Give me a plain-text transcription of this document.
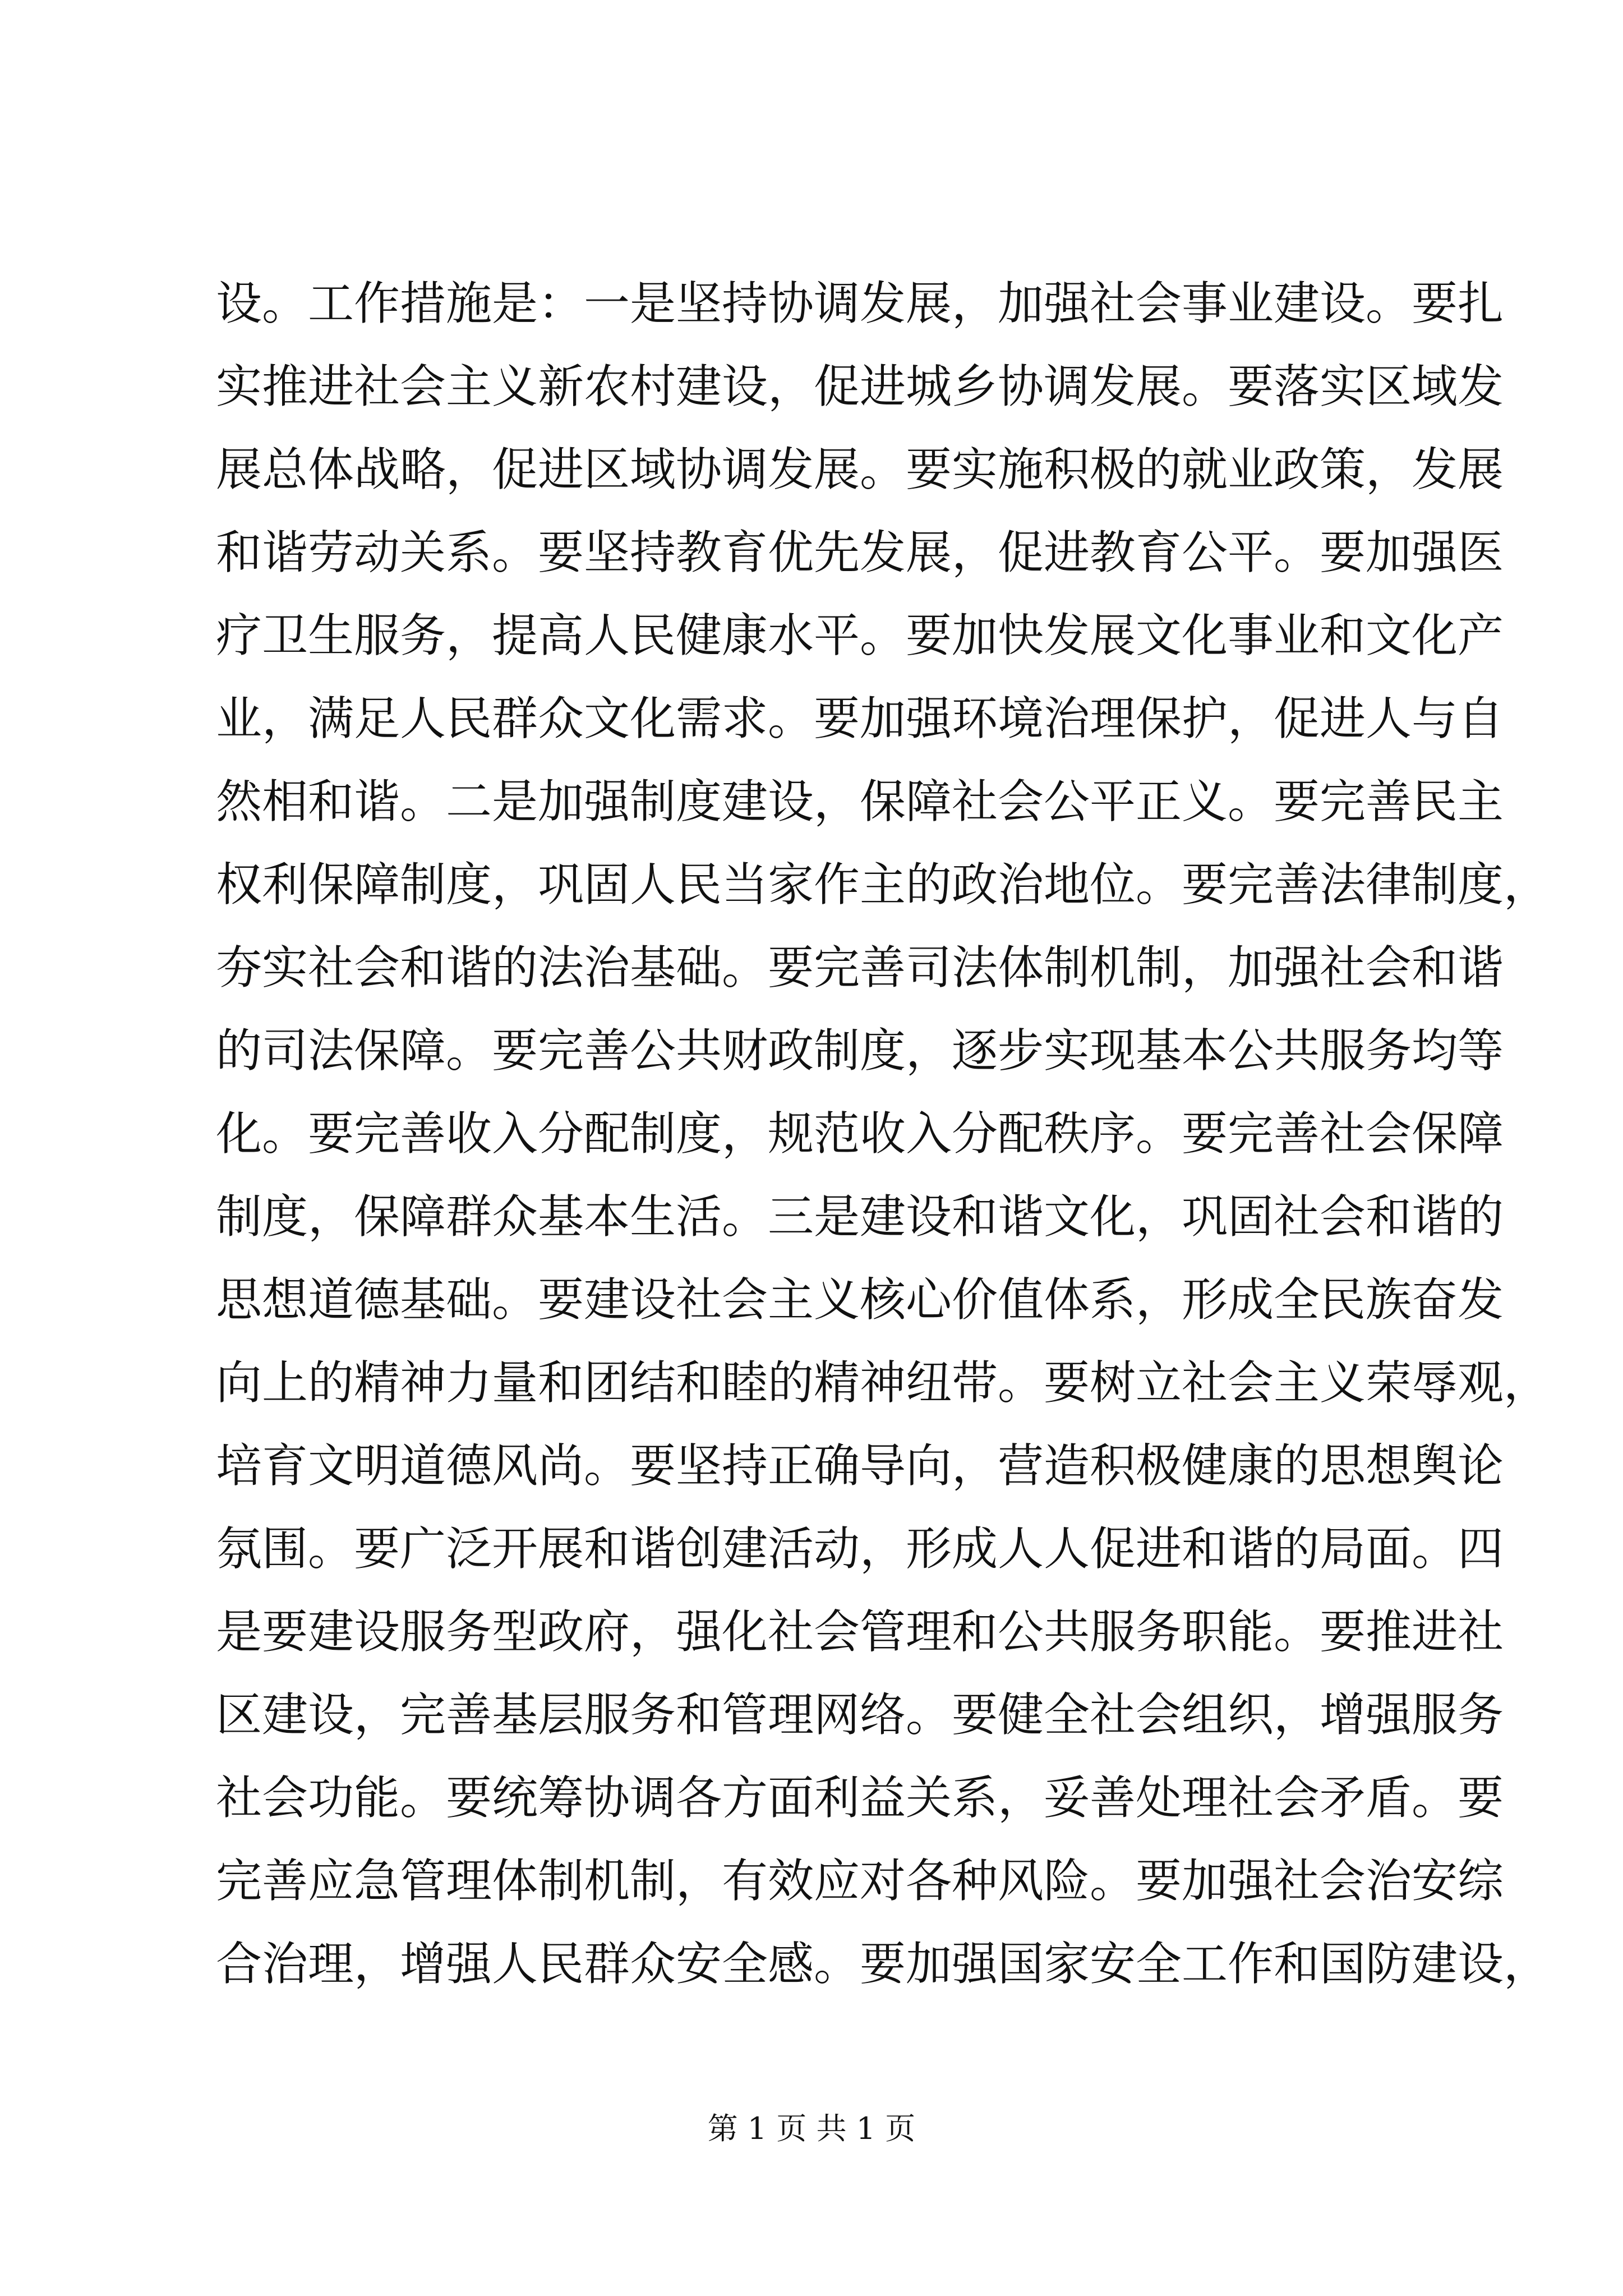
设。工作措施是：一是坚持协调发展，加强社会事业建设。要扎
实推进社会主义新农村建设，促进城乡协调发展。要落实区域发
展总体战略，促进区域协调发展。要实施积极的就业政策，发展
和谐劳动关系。要坚持教育优先发展，促进教育公平。要加强医
疗卫生服务，提高人民健康水平。要加快发展文化事业和文化产
业，满足人民群众文化需求。要加强环境治理保护，促进人与自
然相和谐。二是加强制度建设，保障社会公平正义。要完善民主
权利保障制度，巩固人民当家作主的政治地位。要完善法律制度，
夯实社会和谐的法治基础。要完善司法体制机制，加强社会和谐
的司法保障。要完善公共财政制度，逐步实现基本公共服务均等
化。要完善收入分配制度，规范收入分配秩序。要完善社会保障
制度，保障群众基本生活。三是建设和谐文化，巩固社会和谐的
思想道德基础。要建设社会主义核心价值体系，形成全民族奋发
向上的精神力量和团结和睦的精神纽带。要树立社会主义荣辱观，
培育文明道德风尚。要坚持正确导向，营造积极健康的思想舆论
氛围。要广泛开展和谐创建活动，形成人人促进和谐的局面。四
是要建设服务型政府，强化社会管理和公共服务职能。要推进社
区建设，完善基层服务和管理网络。要健全社会组织，增强服务
社会功能。要统筹协调各方面利益关系，妥善处理社会矛盾。要
完善应急管理体制机制，有效应对各种风险。要加强社会治安综
合治理，增强人民群众安全感。要加强国家安全工作和国防建设，
第 1 页 共 1 页
